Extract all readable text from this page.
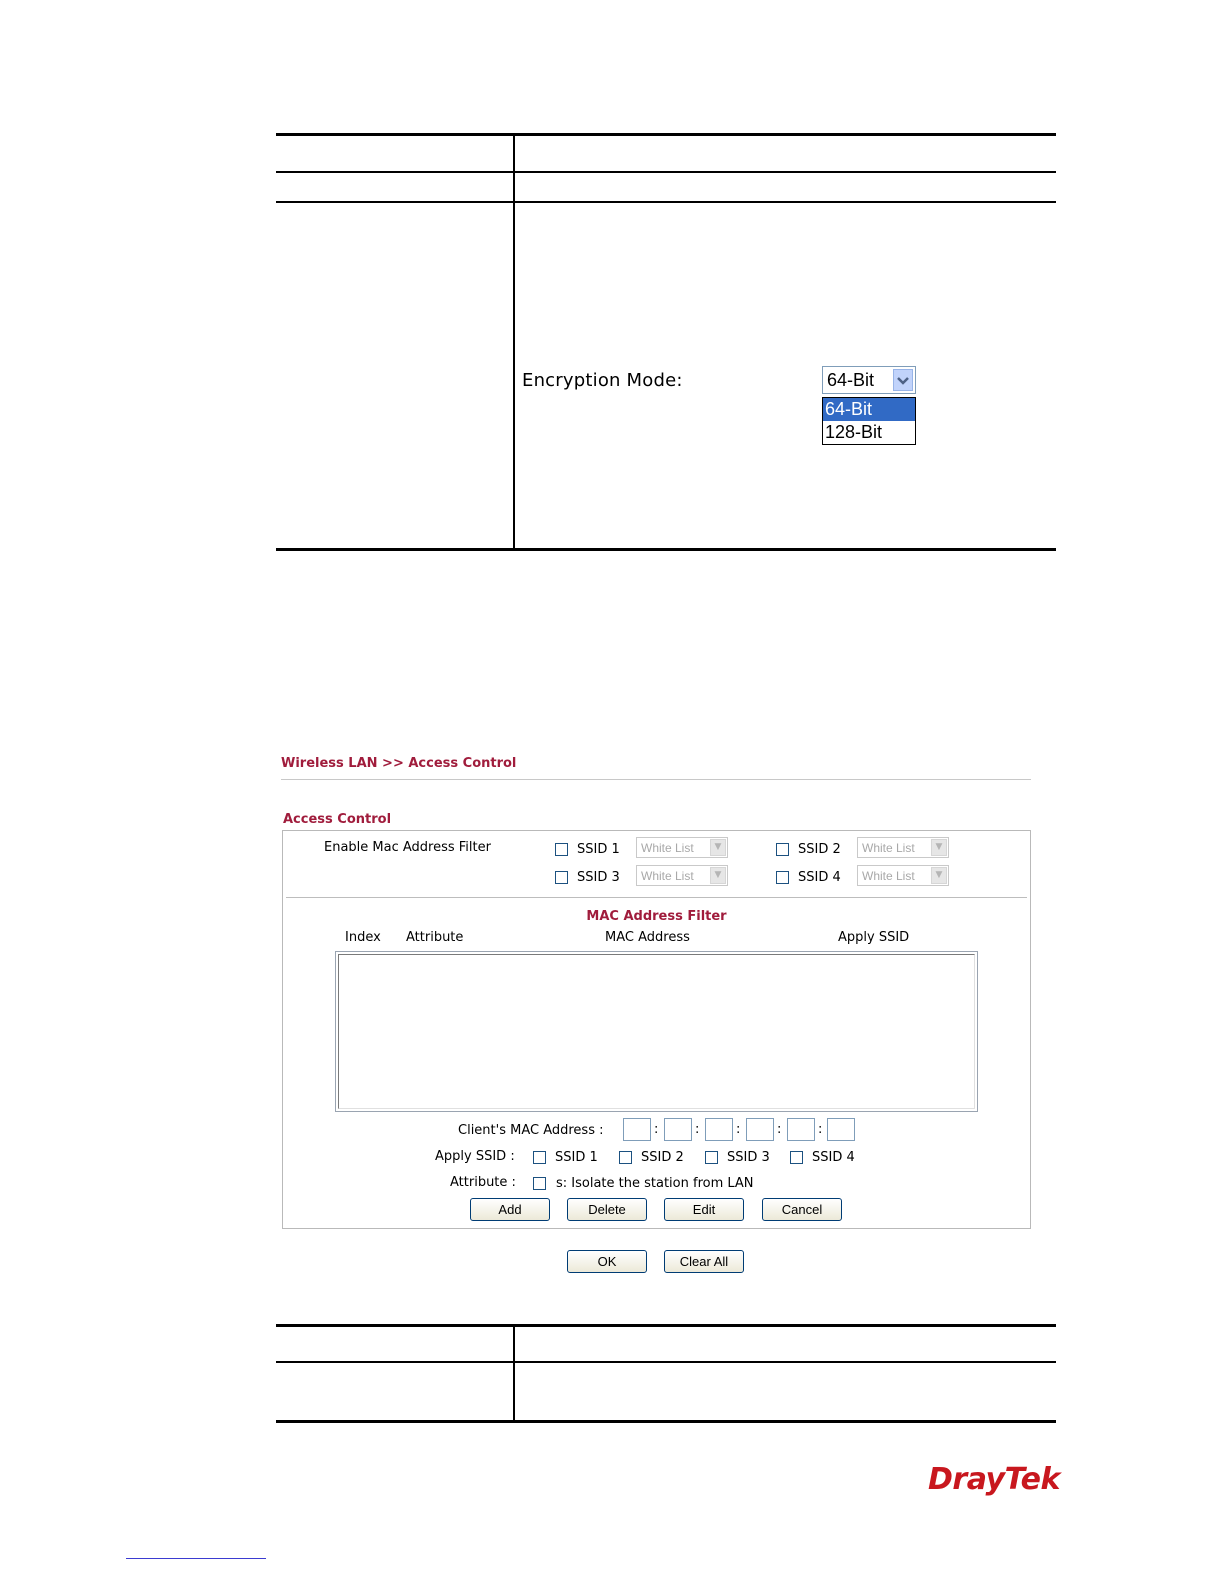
Encryption Mode:	64-Bit
64-Bit
128-Bit
Wireless LAN >> Access Control
Access Control
Enable Mac Address Filter	SSID 1 White List	▼	SSID 2 White List	▼
SSID 3 White List	▼	SSID 4 White List	▼
MAC Address Filter
Index Attribute	MAC Address	Apply SSID
Client's MAC Address :	:	:	:	:	:
Apply SSID :	SSID 1	SSID 2	SSID 3	SSID 4
Attribute :	s: Isolate the station from LAN
Add	Delete	Edit	Cancel
OK	Clear All
DrayTek
